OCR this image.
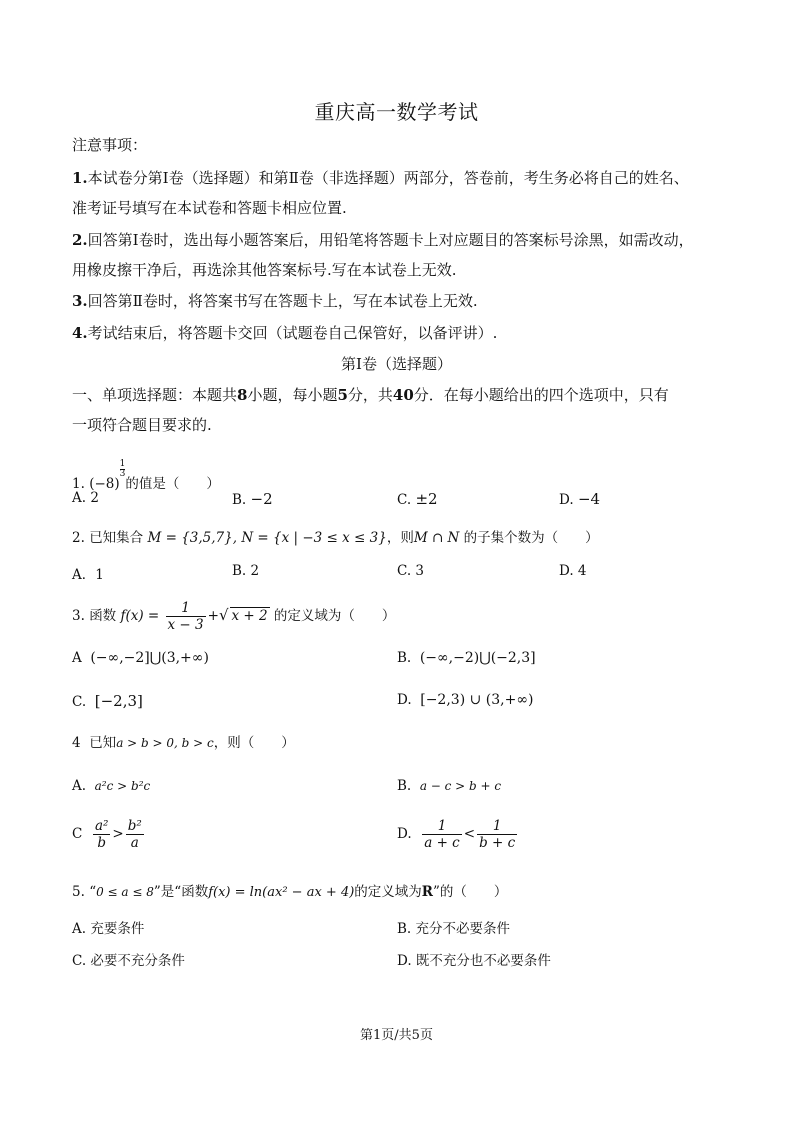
重庆高一数学考试
注意事项：
1.本试卷分第Ⅰ卷（选择题）和第Ⅱ卷（非选择题）两部分，答卷前，考生务必将自己的姓名、
准考证号填写在本试卷和答题卡相应位置.
2.回答第Ⅰ卷时，选出每小题答案后，用铅笔将答题卡上对应题目的答案标号涂黑，如需改动，
用橡皮擦干净后，再选涂其他答案标号.写在本试卷上无效.
3.回答第Ⅱ卷时，将答案书写在答题卡上，写在本试卷上无效.
4.考试结束后，将答题卡交回（试题卷自己保管好，以备评讲）.
第Ⅰ卷（选择题）
一、单项选择题：本题共8小题，每小题5分，共40分．在每小题给出的四个选项中，只有
一项符合题目要求的.
1. (−8)
$^{\frac{1}{3}}$
的值是（　　）
A. 2	B. −2	C. ±2	D. −4
2. 已知集合 M = {3,5,7}, N = {x | −3 ≤ x ≤ 3}，则M ∩ N 的子集个数为（　　）
A．1	B. 2	C. 3	D. 4
3. 函数 $f(x) = \frac{1}{x - 3}$ +√ x + 2 的定义域为（　　）
A (−∞,−2]⋃(3,+∞)	B. (−∞,−2)⋃(−2,3]
C. [−2,3]	D. [−2,3) ∪ (3,+∞)
4 已知a > b > 0, b > c，则（　　）
A. a²c > b²c	B. a − c > b + c
C $\frac{\text{a²}}{b} > \frac{\text{b²}}{a}$	D. $\frac{1}{a + c} < \frac{1}{b + c}$
5. “0 ≤ a ≤ 8”是“函数f(x) = ln(ax² − ax + 4)的定义域为R”的（　　）
A. 充要条件	B. 充分不必要条件
C. 必要不充分条件	D. 既不充分也不必要条件
第1页/共5页
